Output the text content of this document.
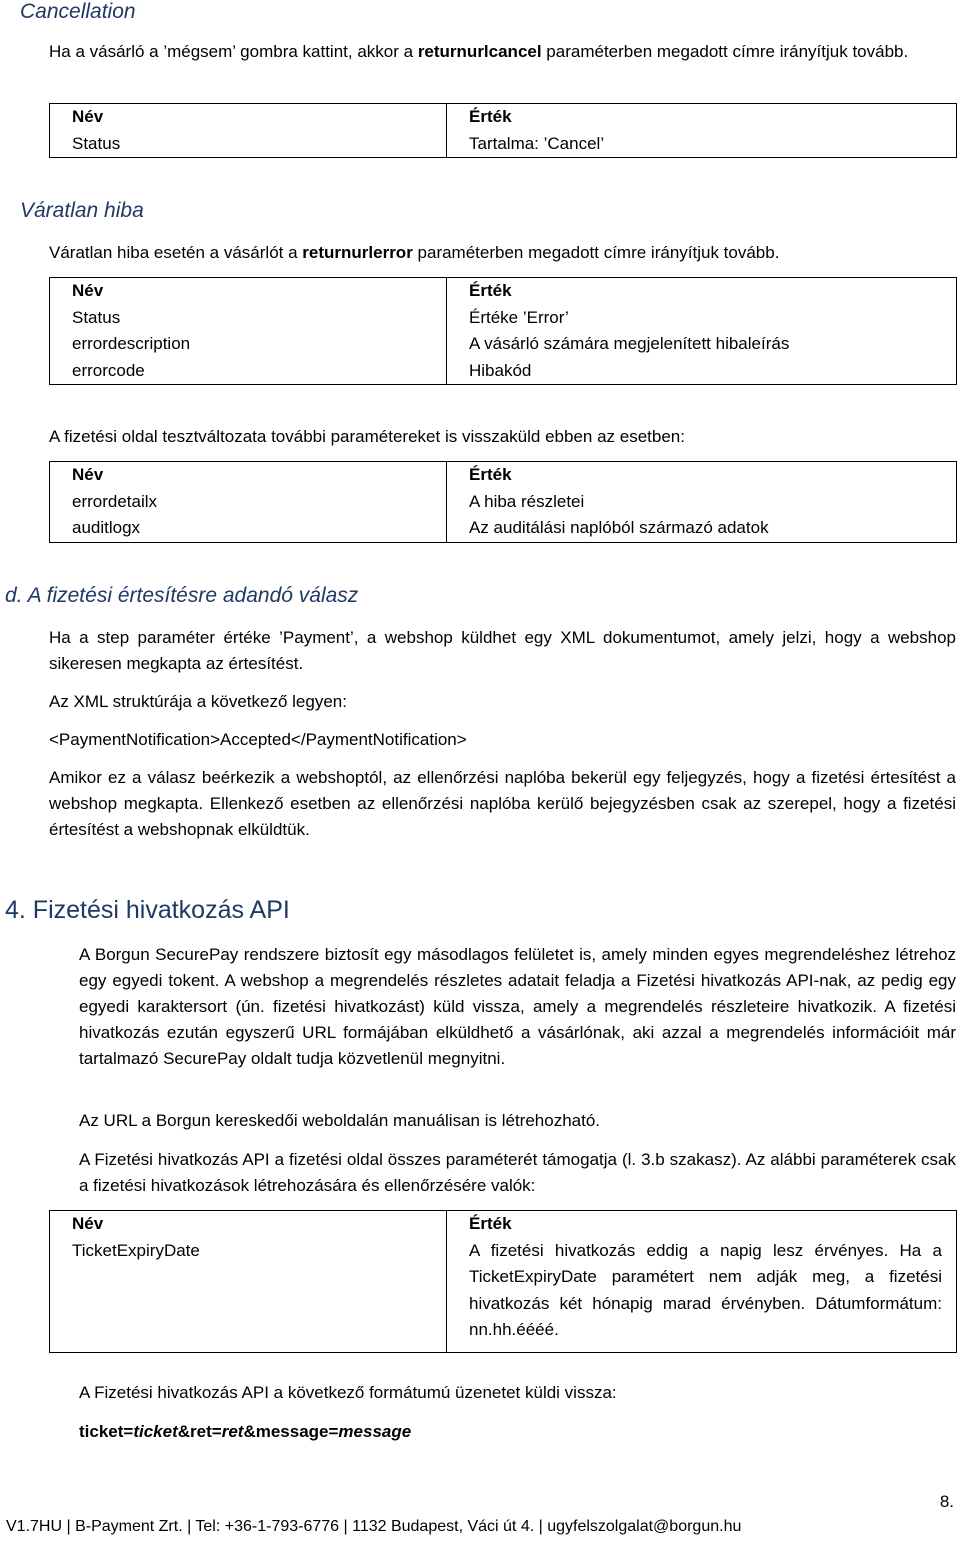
Cancellation
Ha a vásárló a ’mégsem’ gombra kattint, akkor a returnurlcancel paraméterben megadott címre irányítjuk tovább.
Név	Érték
Status	Tartalma: ’Cancel’
Váratlan hiba
Váratlan hiba esetén a vásárlót a returnurlerror paraméterben megadott címre irányítjuk tovább.
Név	Érték
Status	Értéke ’Error’
errordescription	A vásárló számára megjelenített hibaleírás
errorcode	Hibakód
A fizetési oldal tesztváltozata további paramétereket is visszaküld ebben az esetben:
Név	Érték
errordetailx	A hiba részletei
auditlogx	Az auditálási naplóból származó adatok
d. A fizetési értesítésre adandó válasz
Ha a step paraméter értéke ’Payment’, a webshop küldhet egy XML dokumentumot, amely jelzi, hogy a webshop sikeresen megkapta az értesítést.
Az XML struktúrája a következő legyen:
<PaymentNotification>Accepted</PaymentNotification>
Amikor ez a válasz beérkezik a webshoptól, az ellenőrzési naplóba bekerül egy feljegyzés, hogy a fizetési értesítést a webshop megkapta. Ellenkező esetben az ellenőrzési naplóba kerülő bejegyzésben csak az szerepel, hogy a fizetési értesítést a webshopnak elküldtük.
4. Fizetési hivatkozás API
A Borgun SecurePay rendszere biztosít egy másodlagos felületet is, amely minden egyes megrendeléshez létrehoz egy egyedi tokent. A webshop a megrendelés részletes adatait feladja a Fizetési hivatkozás API-nak, az pedig egy egyedi karaktersort (ún. fizetési hivatkozást) küld vissza, amely a megrendelés részleteire hivatkozik. A fizetési hivatkozás ezután egyszerű URL formájában elküldhető a vásárlónak, aki azzal a megrendelés információit már tartalmazó SecurePay oldalt tudja közvetlenül megnyitni.
Az URL a Borgun kereskedői weboldalán manuálisan is létrehozható.
A Fizetési hivatkozás API a fizetési oldal összes paraméterét támogatja (l. 3.b szakasz). Az alábbi paraméterek csak a fizetési hivatkozások létrehozására és ellenőrzésére valók:
Név	Érték
TicketExpiryDate	A fizetési hivatkozás eddig a napig lesz érvényes. Ha a TicketExpiryDate paramétert nem adják meg, a fizetési hivatkozás két hónapig marad érvényben. Dátumformátum: nn.hh.éééé.
A Fizetési hivatkozás API a következő formátumú üzenetet küldi vissza:
ticket=ticket&ret=ret&message=message
8.
V1.7HU | B-Payment Zrt. | Tel: +36-1-793-6776 | 1132 Budapest, Váci út 4. | ugyfelszolgalat@borgun.hu
